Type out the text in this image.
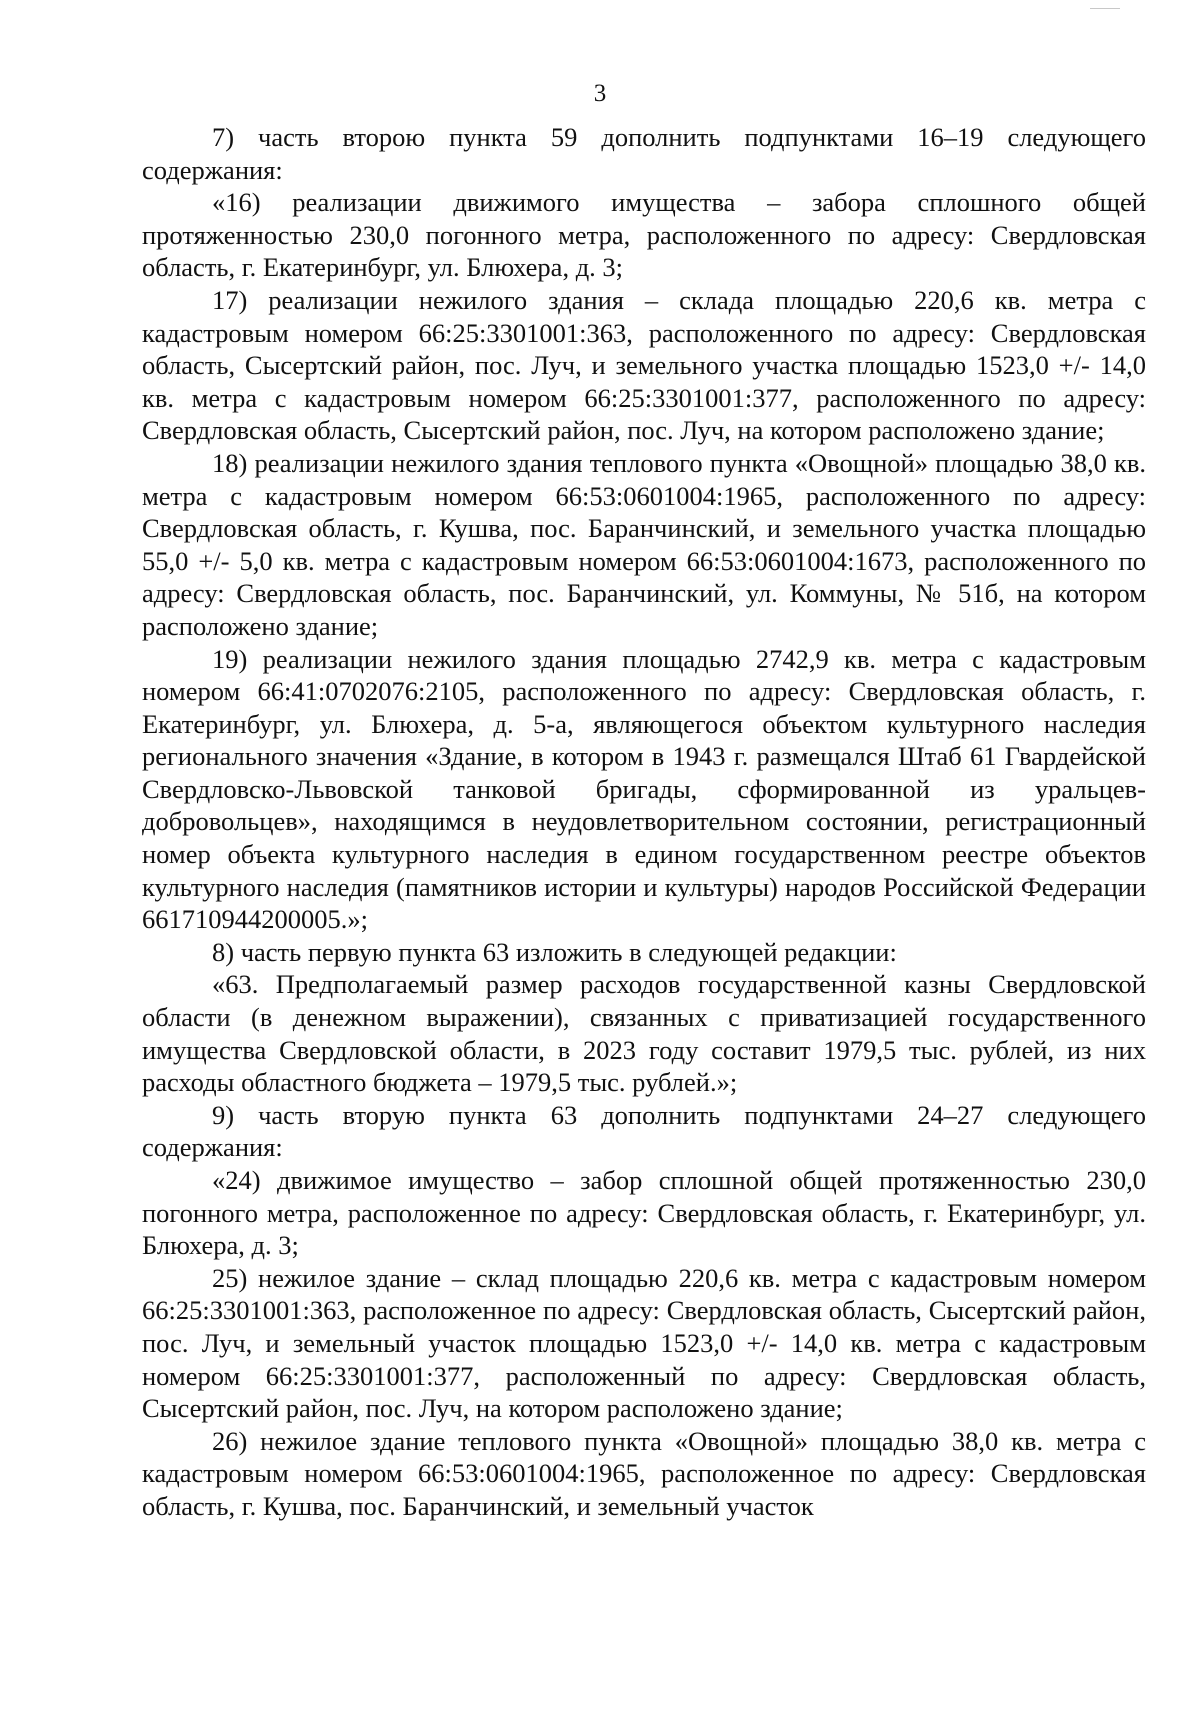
3

7) часть второю пункта 59 дополнить подпунктами 16–19 следующего содержания:

«16) реализации движимого имущества – забора сплошного общей протяженностью 230,0 погонного метра, расположенного по адресу: Свердловская область, г. Екатеринбург, ул. Блюхера, д. 3;

17) реализации нежилого здания – склада площадью 220,6 кв. метра с кадастровым номером 66:25:3301001:363, расположенного по адресу: Свердловская область, Сысертский район, пос. Луч, и земельного участка площадью 1523,0 +/- 14,0 кв. метра с кадастровым номером 66:25:3301001:377, расположенного по адресу: Свердловская область, Сысертский район, пос. Луч, на котором расположено здание;

18) реализации нежилого здания теплового пункта «Овощной» площадью 38,0 кв. метра с кадастровым номером 66:53:0601004:1965, расположенного по адресу: Свердловская область, г. Кушва, пос. Баранчинский, и земельного участка площадью 55,0 +/- 5,0 кв. метра с кадастровым номером 66:53:0601004:1673, расположенного по адресу: Свердловская область, пос. Баранчинский, ул. Коммуны, № 51б, на котором расположено здание;

19) реализации нежилого здания площадью 2742,9 кв. метра с кадастровым номером 66:41:0702076:2105, расположенного по адресу: Свердловская область, г. Екатеринбург, ул. Блюхера, д. 5-а, являющегося объектом культурного наследия регионального значения «Здание, в котором в 1943 г. размещался Штаб 61 Гвардейской Свердловско-Львовской танковой бригады, сформированной из уральцев-добровольцев», находящимся в неудовлетворительном состоянии, регистрационный номер объекта культурного наследия в едином государственном реестре объектов культурного наследия (памятников истории и культуры) народов Российской Федерации 661710944200005.»;

8) часть первую пункта 63 изложить в следующей редакции:

«63. Предполагаемый размер расходов государственной казны Свердловской области (в денежном выражении), связанных с приватизацией государственного имущества Свердловской области, в 2023 году составит 1979,5 тыс. рублей, из них расходы областного бюджета – 1979,5 тыс. рублей.»;

9) часть вторую пункта 63 дополнить подпунктами 24–27 следующего содержания:

«24) движимое имущество – забор сплошной общей протяженностью 230,0 погонного метра, расположенное по адресу: Свердловская область, г. Екатеринбург, ул. Блюхера, д. 3;

25) нежилое здание – склад площадью 220,6 кв. метра с кадастровым номером 66:25:3301001:363, расположенное по адресу: Свердловская область, Сысертский район, пос. Луч, и земельный участок площадью 1523,0 +/- 14,0 кв. метра с кадастровым номером 66:25:3301001:377, расположенный по адресу: Свердловская область, Сысертский район, пос. Луч, на котором расположено здание;

26) нежилое здание теплового пункта «Овощной» площадью 38,0 кв. метра с кадастровым номером 66:53:0601004:1965, расположенное по адресу: Свердловская область, г. Кушва, пос. Баранчинский, и земельный участок
